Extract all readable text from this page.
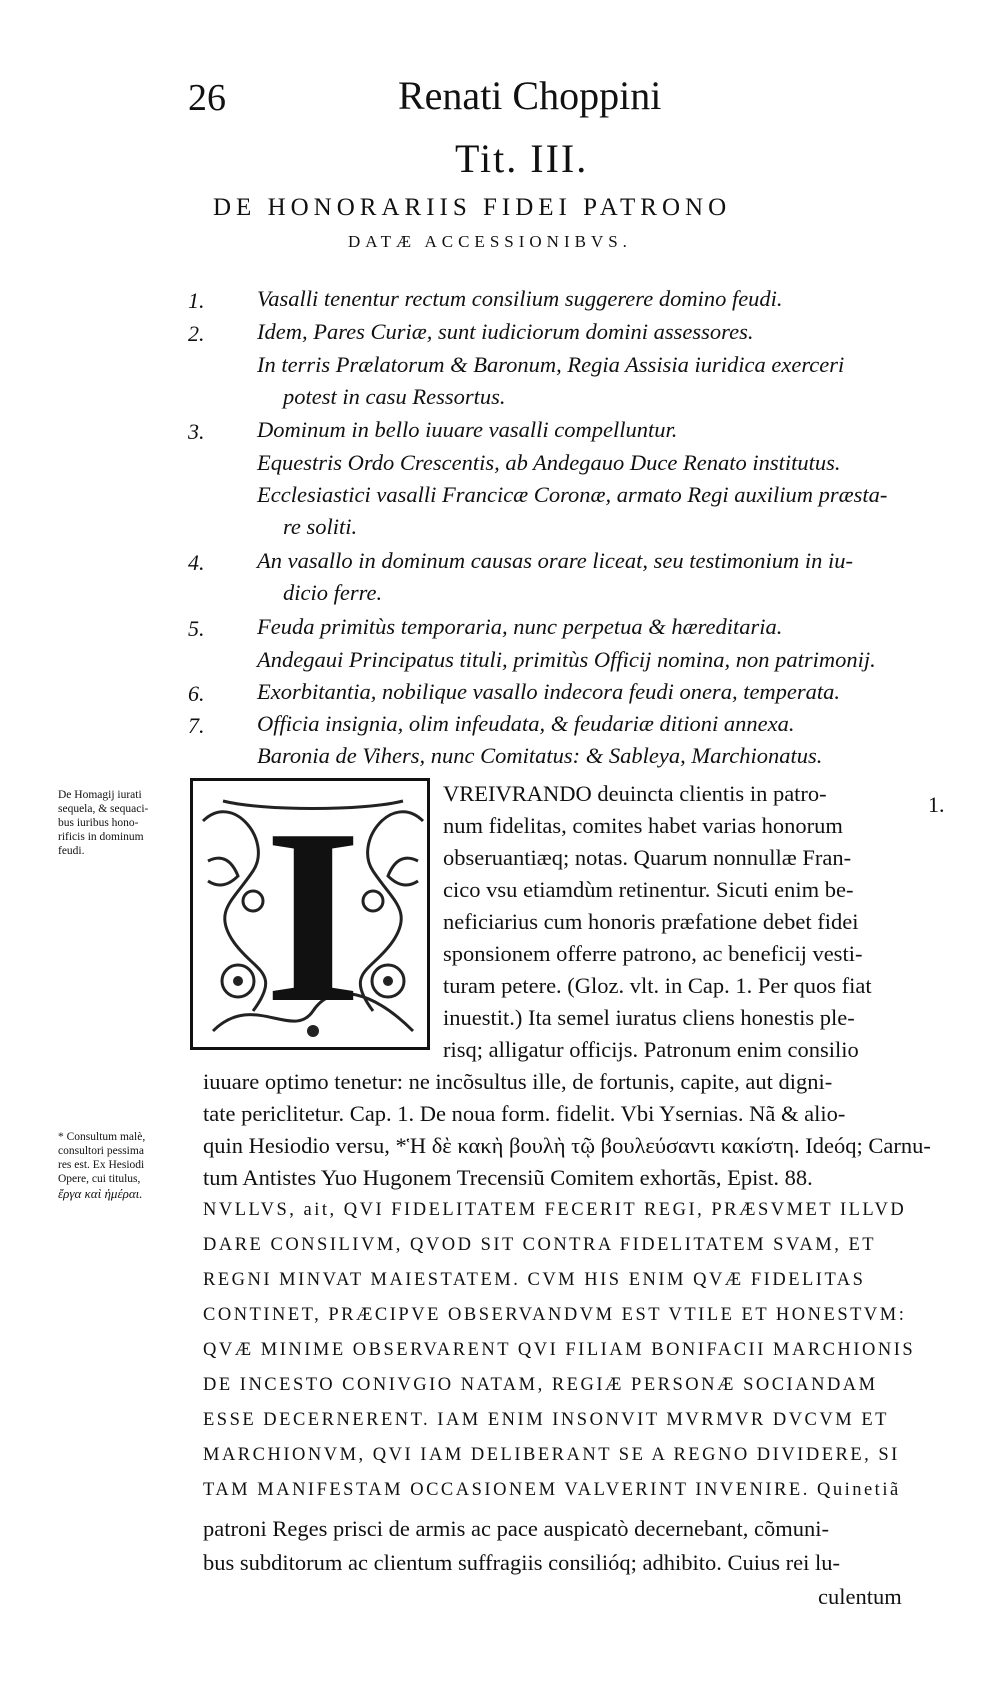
26	Renati Choppini
Tit. III.
DE HONORARIIS FIDEI PATRONO
DATÆ ACCESSIONIBVS.
1.	Vasalli tenentur rectum consilium suggerere domino feudi.
2.	Idem, Pares Curiæ, sunt iudiciorum domini assessores.
In terris Prælatorum & Baronum, Regia Assisia iuridica exerceri
potest in casu Ressortus.
3.	Dominum in bello iuuare vasalli compelluntur.
Equestris Ordo Crescentis, ab Andegauo Duce Renato institutus.
Ecclesiastici vasalli Francicæ Coronæ, armato Regi auxilium præsta-
re soliti.
4.	An vasallo in dominum causas orare liceat, seu testimonium in iu-
dicio ferre.
5.	Feuda primitùs temporaria, nunc perpetua & hæreditaria.
Andegaui Principatus tituli, primitùs Officij nomina, non patrimonij.
6.	Exorbitantia, nobilique vasallo indecora feudi onera, temperata.
7.	Officia insignia, olim infeudata, & feudariæ ditioni annexa.
Baronia de Vihers, nunc Comitatus: & Sableya, Marchionatus.
De Homagij iurati
sequela, & sequaci-
bus iuribus hono-
rificis in dominum
feudi.
* Consultum malè,
consultori pessima
res est. Ex Hesiodi
Opere, cui titulus,
ἔργα καὶ ἡμέραι.
I	1.
VREIVRANDO deuincta clientis in patro-
num fidelitas, comites habet varias honorum
obseruantiæq; notas. Quarum nonnullæ Fran-
cico vsu etiamdùm retinentur. Sicuti enim be-
neficiarius cum honoris præfatione debet fidei
sponsionem offerre patrono, ac beneficij vesti-
turam petere. (Gloz. vlt. in Cap. 1. Per quos fiat
inuestit.) Ita semel iuratus cliens honestis ple-
risq; alligatur officijs. Patronum enim consilio
iuuare optimo tenetur: ne incõsultus ille, de fortunis, capite, aut digni-
tate periclitetur. Cap. 1. De noua form. fidelit. Vbi Ysernias. Nã & alio-
quin Hesiodio versu, *Ἡ δὲ κακὴ βουλὴ τῷ βουλεύσαντι κακίστη. Ideóq; Carnu-
tum Antistes Yuo Hugonem Trecensiũ Comitem exhortãs, Epist. 88.
NVLLVS, ait, QVI FIDELITATEM FECERIT REGI, PRÆSVMET ILLVD
DARE CONSILIVM, QVOD SIT CONTRA FIDELITATEM SVAM, ET
REGNI MINVAT MAIESTATEM. CVM HIS ENIM QVÆ FIDELITAS
CONTINET, PRÆCIPVE OBSERVANDVM EST VTILE ET HONESTVM:
QVÆ MINIME OBSERVARENT QVI FILIAM BONIFACII MARCHIONIS
DE INCESTO CONIVGIO NATAM, REGIÆ PERSONÆ SOCIANDAM
ESSE DECERNERENT. IAM ENIM INSONVIT MVRMVR DVCVM ET
MARCHIONVM, QVI IAM DELIBERANT SE A REGNO DIVIDERE, SI
TAM MANIFESTAM OCCASIONEM VALVERINT INVENIRE. Quinetiã
patroni Reges prisci de armis ac pace auspicatò decernebant, cõmuni-
bus subditorum ac clientum suffragiis consilióq; adhibito. Cuius rei lu-
culentum
